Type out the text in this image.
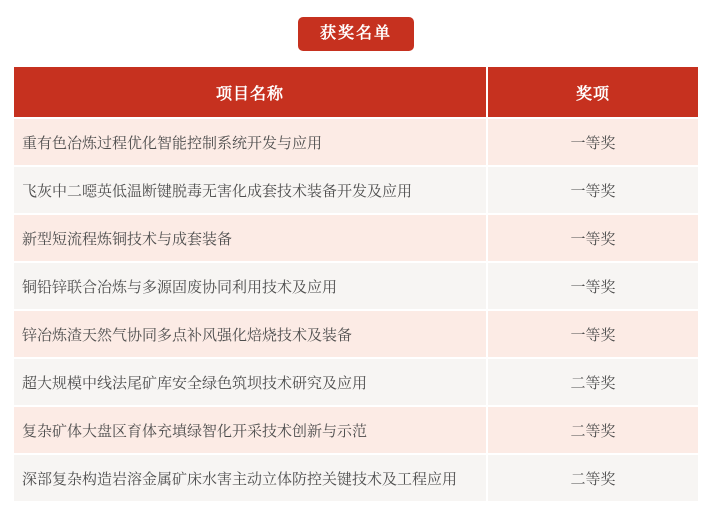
获奖名单
项目名称	奖项
重有色冶炼过程优化智能控制系统开发与应用	一等奖
飞灰中二噁英低温断键脱毒无害化成套技术装备开发及应用	一等奖
新型短流程炼铜技术与成套装备	一等奖
铜铅锌联合冶炼与多源固废协同利用技术及应用	一等奖
锌冶炼渣天然气协同多点补风强化焙烧技术及装备	一等奖
超大规模中线法尾矿库安全绿色筑坝技术研究及应用	二等奖
复杂矿体大盘区育体充填绿智化开采技术创新与示范	二等奖
深部复杂构造岩溶金属矿床水害主动立体防控关键技术及工程应用	二等奖
